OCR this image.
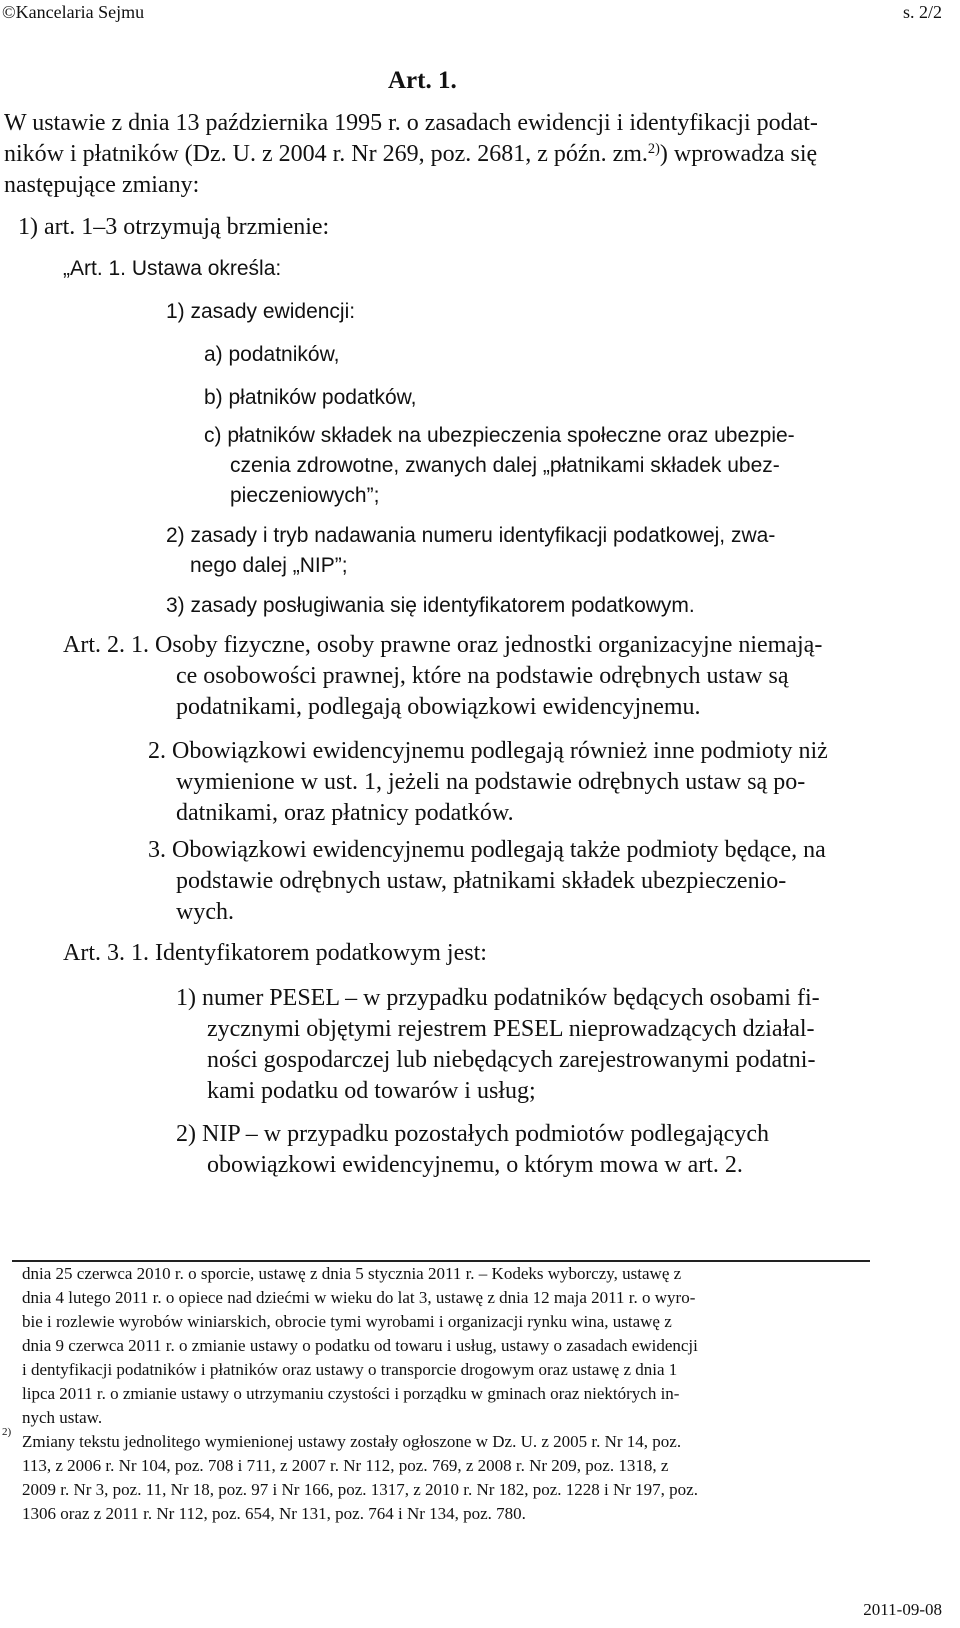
©Kancelaria Sejmu	s. 2/2
Art. 1.
W ustawie z dnia 13 października 1995 r. o zasadach ewidencji i identyfikacji podat-
ników i płatników (Dz. U. z 2004 r. Nr 269, poz. 2681, z późn. zm.$^{2)}$) wprowadza się
następujące zmiany:
1) art. 1–3 otrzymują brzmienie:
„Art. 1. Ustawa określa:
1) zasady ewidencji:
a) podatników,
b) płatników podatków,
c) płatników składek na ubezpieczenia społeczne oraz ubezpie-
czenia zdrowotne, zwanych dalej „płatnikami składek ubez-
pieczeniowych”;
2) zasady i tryb nadawania numeru identyfikacji podatkowej, zwa-
nego dalej „NIP”;
3) zasady posługiwania się identyfikatorem podatkowym.
Art. 2. 1. Osoby fizyczne, osoby prawne oraz jednostki organizacyjne niemają-
ce osobowości prawnej, które na podstawie odrębnych ustaw są
podatnikami, podlegają obowiązkowi ewidencyjnemu.
2. Obowiązkowi ewidencyjnemu podlegają również inne podmioty niż
wymienione w ust. 1, jeżeli na podstawie odrębnych ustaw są po-
datnikami, oraz płatnicy podatków.
3. Obowiązkowi ewidencyjnemu podlegają także podmioty będące, na
podstawie odrębnych ustaw, płatnikami składek ubezpieczenio-
wych.
Art. 3. 1. Identyfikatorem podatkowym jest:
1) numer PESEL – w przypadku podatników będących osobami fi-
zycznymi objętymi rejestrem PESEL nieprowadzących działal-
ności gospodarczej lub niebędących zarejestrowanymi podatni-
kami podatku od towarów i usług;
2) NIP – w przypadku pozostałych podmiotów podlegających
obowiązkowi ewidencyjnemu, o którym mowa w art. 2.
dnia 25 czerwca 2010 r. o sporcie, ustawę z dnia 5 stycznia 2011 r. – Kodeks wyborczy, ustawę z
dnia 4 lutego 2011 r. o opiece nad dziećmi w wieku do lat 3, ustawę z dnia 12 maja 2011 r. o wyro-
bie i rozlewie wyrobów winiarskich, obrocie tymi wyrobami i organizacji rynku wina, ustawę z
dnia 9 czerwca 2011 r. o zmianie ustawy o podatku od towaru i usług, ustawy o zasadach ewidencji
i dentyfikacji podatników i płatników oraz ustawy o transporcie drogowym oraz ustawę z dnia 1
lipca 2011 r. o zmianie ustawy o utrzymaniu czystości i porządku w gminach oraz niektórych in-
nych ustaw.
2) Zmiany tekstu jednolitego wymienionej ustawy zostały ogłoszone w Dz. U. z 2005 r. Nr 14, poz.
113, z 2006 r. Nr 104, poz. 708 i 711, z 2007 r. Nr 112, poz. 769, z 2008 r. Nr 209, poz. 1318, z
2009 r. Nr 3, poz. 11, Nr 18, poz. 97 i Nr 166, poz. 1317, z 2010 r. Nr 182, poz. 1228 i Nr 197, poz.
1306 oraz z 2011 r. Nr 112, poz. 654, Nr 131, poz. 764 i Nr 134, poz. 780.
2011-09-08
